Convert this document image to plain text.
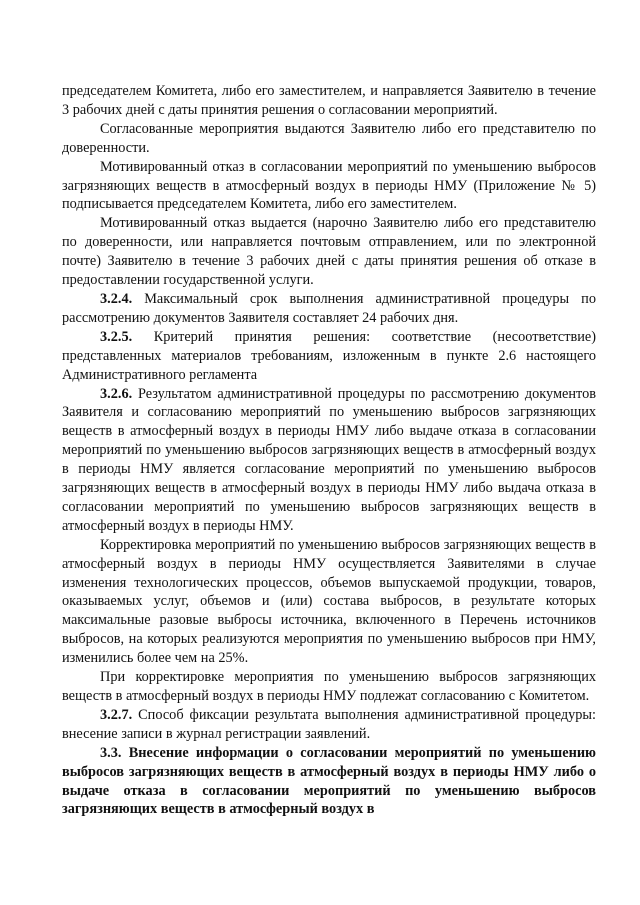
председателем Комитета, либо его заместителем, и направляется Заявителю в течение 3 рабочих дней с даты принятия решения о согласовании мероприятий.

Согласованные мероприятия выдаются Заявителю либо его представителю по доверенности.

Мотивированный отказ в согласовании мероприятий по уменьшению выбросов загрязняющих веществ в атмосферный воздух в периоды НМУ (Приложение № 5) подписывается председателем Комитета, либо его заместителем.

Мотивированный отказ выдается (нарочно Заявителю либо его представителю по доверенности, или направляется почтовым отправлением, или по электронной почте) Заявителю в течение 3 рабочих дней с даты принятия решения об отказе в предоставлении государственной услуги.

3.2.4. Максимальный срок выполнения административной процедуры по рассмотрению документов Заявителя составляет 24 рабочих дня.

3.2.5. Критерий принятия решения: соответствие (несоответствие) представленных материалов требованиям, изложенным в пункте 2.6 настоящего Административного регламента

3.2.6. Результатом административной процедуры по рассмотрению документов Заявителя и согласованию мероприятий по уменьшению выбросов загрязняющих веществ в атмосферный воздух в периоды НМУ либо выдаче отказа в согласовании мероприятий по уменьшению выбросов загрязняющих веществ в атмосферный воздух в периоды НМУ является согласование мероприятий по уменьшению выбросов загрязняющих веществ в атмосферный воздух в периоды НМУ либо выдача отказа в согласовании мероприятий по уменьшению выбросов загрязняющих веществ в атмосферный воздух в периоды НМУ.

Корректировка мероприятий по уменьшению выбросов загрязняющих веществ в атмосферный воздух в периоды НМУ осуществляется Заявителями в случае изменения технологических процессов, объемов выпускаемой продукции, товаров, оказываемых услуг, объемов и (или) состава выбросов, в результате которых максимальные разовые выбросы источника, включенного в Перечень источников выбросов, на которых реализуются мероприятия по уменьшению выбросов при НМУ, изменились более чем на 25%.

При корректировке мероприятия по уменьшению выбросов загрязняющих веществ в атмосферный воздух в периоды НМУ подлежат согласованию с Комитетом.

3.2.7. Способ фиксации результата выполнения административной процедуры: внесение записи в журнал регистрации заявлений.

3.3. Внесение информации о согласовании мероприятий по уменьшению выбросов загрязняющих веществ в атмосферный воздух в периоды НМУ либо о выдаче отказа в согласовании мероприятий по уменьшению выбросов загрязняющих веществ в атмосферный воздух в
